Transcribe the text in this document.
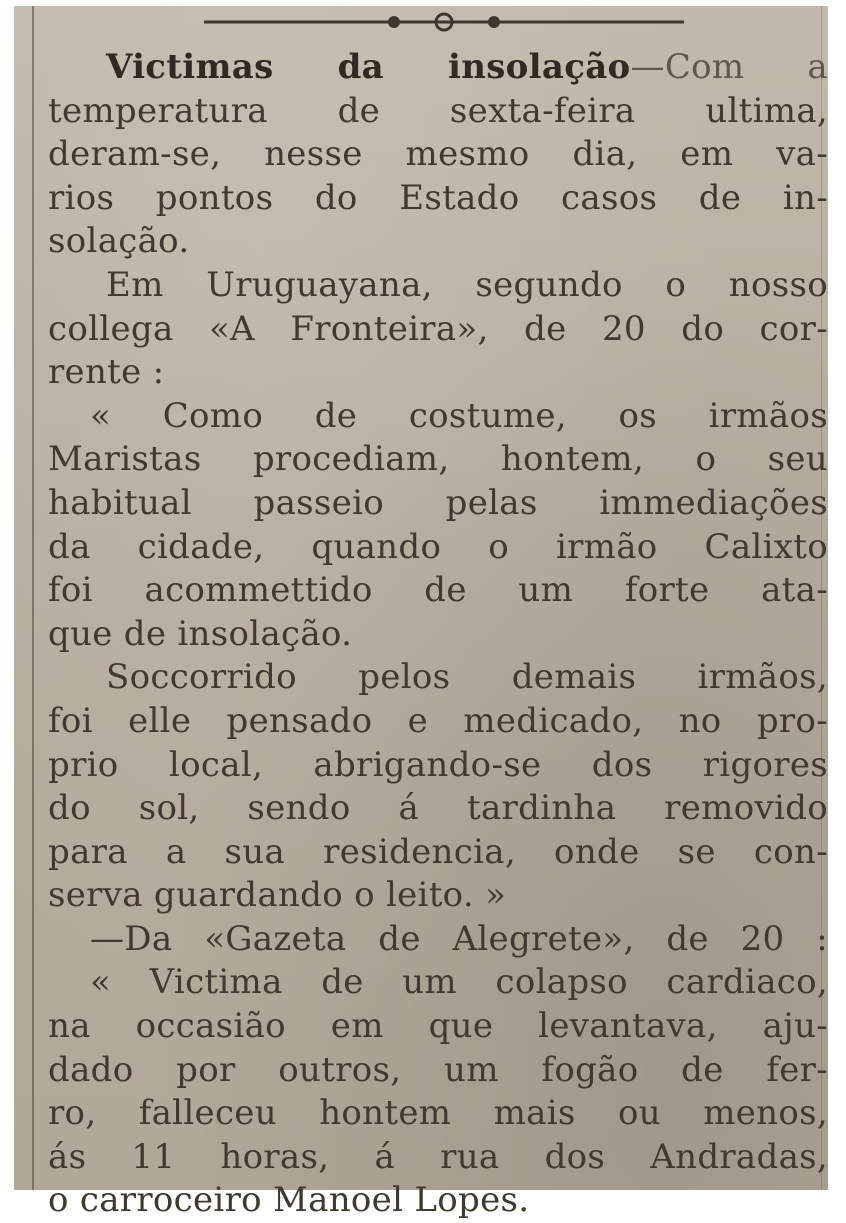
Victimas da insolação—Com a
temperatura de sexta-feira ultima,
deram-se, nesse mesmo dia, em va-
rios pontos do Estado casos de in-
solação.
Em Uruguayana, segundo o nosso
collega «A Fronteira», de 20 do cor-
rente :
« Como de costume, os irmãos
Maristas procediam, hontem, o seu
habitual passeio pelas immediações
da cidade, quando o irmão Calixto
foi acommettido de um forte ata-
que de insolação.
Soccorrido pelos demais irmãos,
foi elle pensado e medicado, no pro-
prio local, abrigando-se dos rigores
do sol, sendo á tardinha removido
para a sua residencia, onde se con-
serva guardando o leito. »
—Da «Gazeta de Alegrete», de 20 :
« Victima de um colapso cardiaco,
na occasião em que levantava, aju-
dado por outros, um fogão de fer-
ro, falleceu hontem mais ou menos,
ás 11 horas, á rua dos Andradas,
o carroceiro Manoel Lopes.
